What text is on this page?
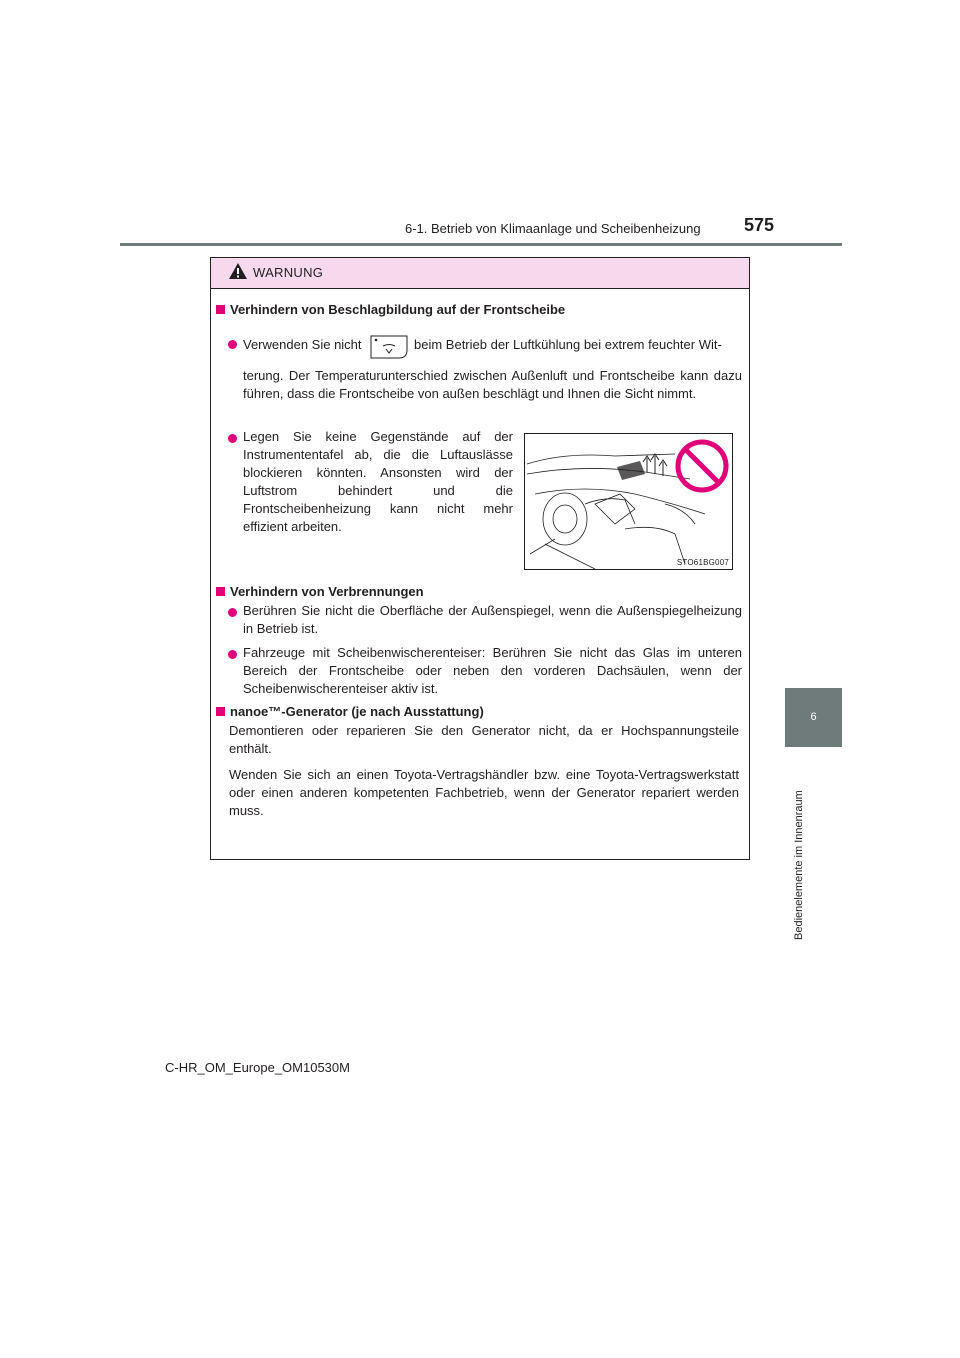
6-1. Betrieb von Klimaanlage und Scheibenheizung 575
6
Bedienelemente im Innenraum
WARNUNG
Verhindern von Beschlagbildung auf der Frontscheibe
Verwenden Sie nicht	beim Betrieb der Luftkühlung bei extrem feuchter Wit-
terung. Der Temperaturunterschied zwischen Außenluft und Frontscheibe kann dazu führen, dass die Frontscheibe von außen beschlägt und Ihnen die Sicht nimmt.
Legen Sie keine Gegenstände auf der Instrumententafel ab, die die Luftauslässe blockieren könnten. Ansonsten wird der Luftstrom behindert und die Frontscheibenheizung kann nicht mehr effizient arbeiten.
STO61BG007
Verhindern von Verbrennungen
Berühren Sie nicht die Oberfläche der Außenspiegel, wenn die Außenspiegelheizung in Betrieb ist.
Fahrzeuge mit Scheibenwischerenteiser: Berühren Sie nicht das Glas im unteren Bereich der Frontscheibe oder neben den vorderen Dachsäulen, wenn der Scheibenwischerenteiser aktiv ist.
nanoe™-Generator (je nach Ausstattung)
Demontieren oder reparieren Sie den Generator nicht, da er Hochspannungsteile enthält.
Wenden Sie sich an einen Toyota-Vertragshändler bzw. eine Toyota-Vertragswerkstatt oder einen anderen kompetenten Fachbetrieb, wenn der Generator repariert werden muss.
C-HR_OM_Europe_OM10530M
